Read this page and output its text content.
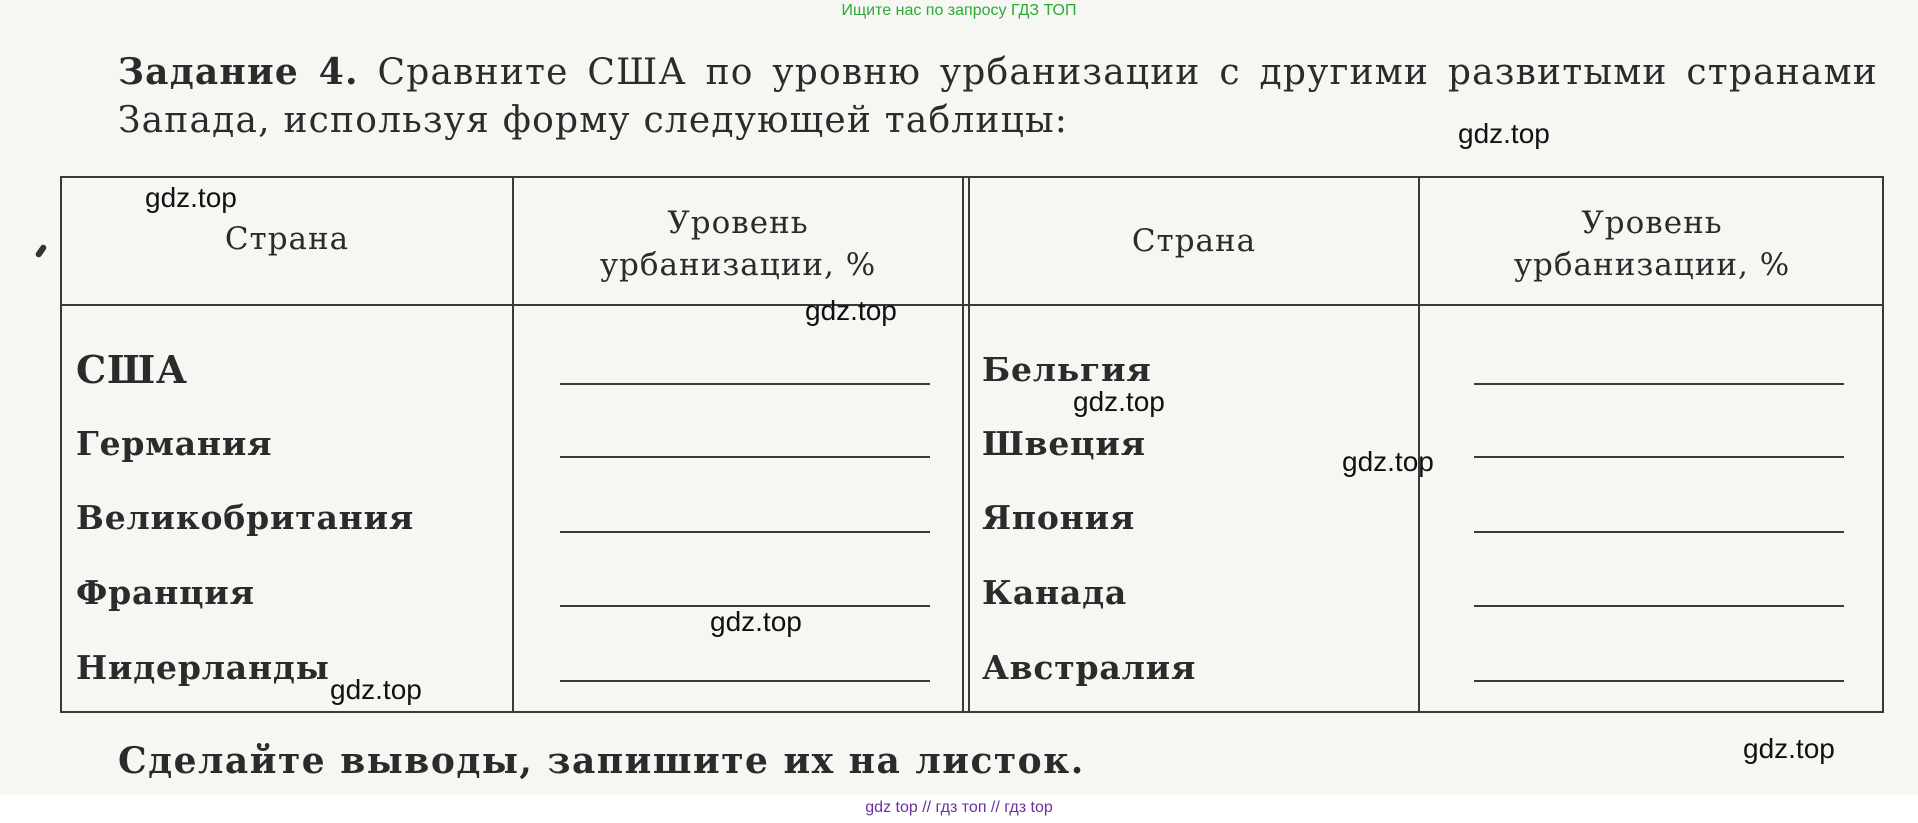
Ищите нас по запросу ГДЗ ТОП
Задание 4. Сравните США по уровню урбанизации с другими развитыми странами Запада, используя форму следующей таблицы:
Страна	Уровень
урбанизации, %
Страна	Уровень
урбанизации, %
США
Германия
Великобритания
Франция
Нидерланды
Бельгия
Швеция
Япония
Канада
Австралия
Сделайте выводы, запишите их на листок.
gdz.top
gdz.top
gdz.top
gdz.top
gdz.top
gdz.top
gdz.top
gdz.top
gdz top // гдз топ // гдз top
